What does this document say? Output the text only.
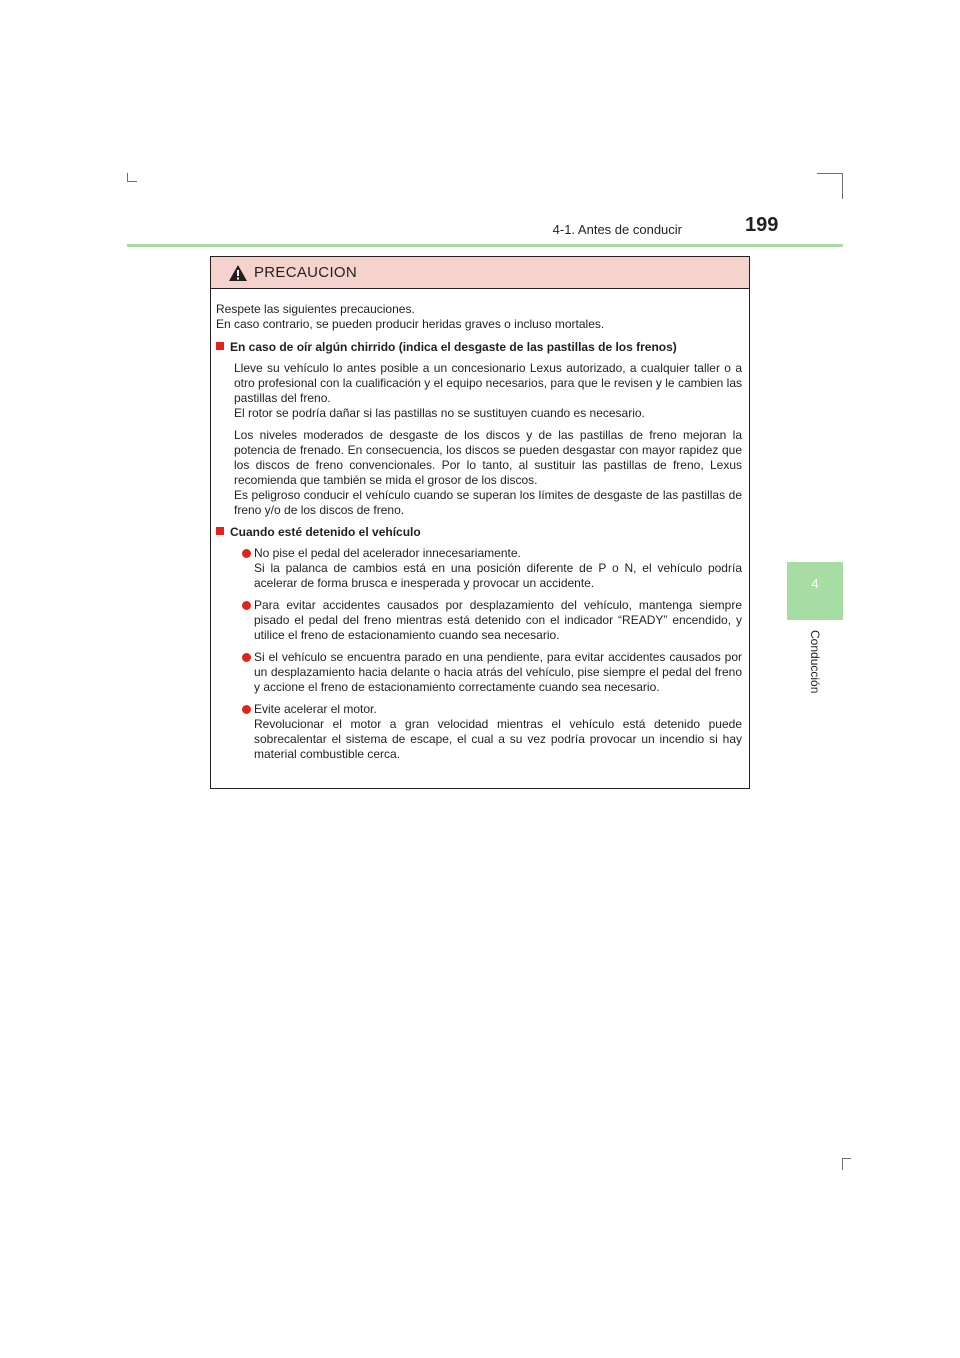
4-1. Antes de conducir	199
4
Conducción
PRECAUCION

Respete las siguientes precauciones.
En caso contrario, se pueden producir heridas graves o incluso mortales.

En caso de oír algún chirrido (indica el desgaste de las pastillas de los frenos)

Lleve su vehículo lo antes posible a un concesionario Lexus autorizado, a cualquier taller o a otro profesional con la cualificación y el equipo necesarios, para que le revisen y le cambien las pastillas del freno.
El rotor se podría dañar si las pastillas no se sustituyen cuando es necesario.

Los niveles moderados de desgaste de los discos y de las pastillas de freno mejoran la potencia de frenado. En consecuencia, los discos se pueden desgastar con mayor rapidez que los discos de freno convencionales. Por lo tanto, al sustituir las pastillas de freno, Lexus recomienda que también se mida el grosor de los discos.
Es peligroso conducir el vehículo cuando se superan los límites de desgaste de las pastillas de freno y/o de los discos de freno.

Cuando esté detenido el vehículo
No pise el pedal del acelerador innecesariamente.
Si la palanca de cambios está en una posición diferente de P o N, el vehículo podría acelerar de forma brusca e inesperada y provocar un accidente.
Para evitar accidentes causados por desplazamiento del vehículo, mantenga siempre pisado el pedal del freno mientras está detenido con el indicador “READY” encendido, y utilice el freno de estacionamiento cuando sea necesario.
Si el vehículo se encuentra parado en una pendiente, para evitar accidentes causados por un desplazamiento hacia delante o hacia atrás del vehículo, pise siempre el pedal del freno y accione el freno de estacionamiento correctamente cuando sea necesario.
Evite acelerar el motor.
Revolucionar el motor a gran velocidad mientras el vehículo está detenido puede sobrecalentar el sistema de escape, el cual a su vez podría provocar un incendio si hay material combustible cerca.
